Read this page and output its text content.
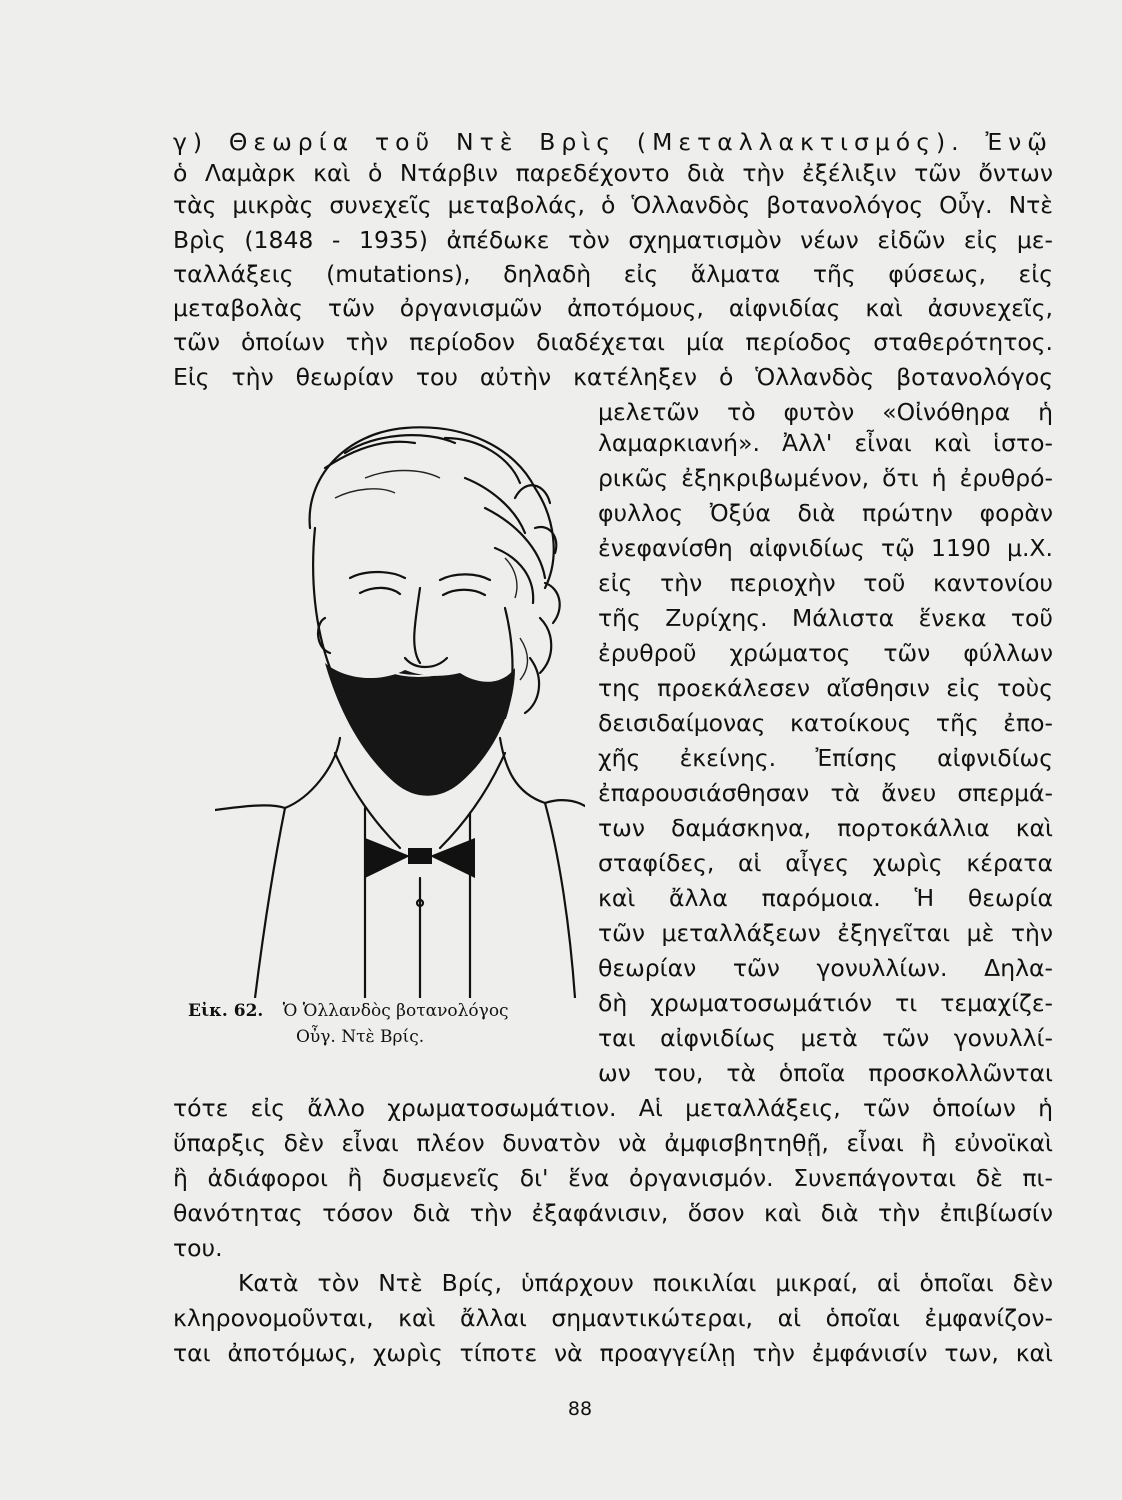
γ) Θεωρία τοῦ Ντὲ Βρὶς (Μεταλλακτισμός). Ἐνῷ
ὁ Λαμὰρκ καὶ ὁ Ντάρβιν παρεδέχοντο διὰ τὴν ἐξέλιξιν τῶν ὄντων
τὰς μικρὰς συνεχεῖς μεταβολάς, ὁ Ὁλλανδὸς βοτανολόγος Οὖγ. Ντὲ
Βρὶς (1848 - 1935) ἀπέδωκε τὸν σχηματισμὸν νέων εἰδῶν εἰς με-
ταλλάξεις (mutations), δηλαδὴ εἰς ἅλματα τῆς φύσεως, εἰς
μεταβολὰς τῶν ὀργανισμῶν ἀποτόμους, αἰφνιδίας καὶ ἀσυνεχεῖς,
τῶν ὁποίων τὴν περίοδον διαδέχεται μία περίοδος σταθερότητος.
Εἰς τὴν θεωρίαν του αὐτὴν κατέληξεν ὁ Ὁλλανδὸς βοτανολόγος
μελετῶν τὸ φυτὸν «Οἰνόθηρα ἡ
λαμαρκιανή». Ἀλλ' εἶναι καὶ ἱστο-
ρικῶς ἐξηκριβωμένον, ὅτι ἡ ἐρυθρό-
φυλλος Ὀξύα διὰ πρώτην φορὰν
ἐνεφανίσθη αἰφνιδίως τῷ 1190 μ.Χ.
εἰς τὴν περιοχὴν τοῦ καντονίου
τῆς Ζυρίχης. Μάλιστα ἕνεκα τοῦ
ἐρυθροῦ χρώματος τῶν φύλλων
της προεκάλεσεν αἴσθησιν εἰς τοὺς
δεισιδαίμονας κατοίκους τῆς ἐπο-
χῆς ἐκείνης. Ἐπίσης αἰφνιδίως
ἐπαρουσιάσθησαν τὰ ἄνευ σπερμά-
των δαμάσκηνα, πορτοκάλλια καὶ
σταφίδες, αἱ αἶγες χωρὶς κέρατα
καὶ ἄλλα παρόμοια. Ἡ θεωρία
τῶν μεταλλάξεων ἐξηγεῖται μὲ τὴν
θεωρίαν τῶν γονυλλίων. Δηλα-
δὴ χρωματοσωμάτιόν τι τεμαχίζε-
ται αἰφνιδίως μετὰ τῶν γονυλλί-
ων του, τὰ ὁποῖα προσκολλῶνται
Εἰκ. 62. Ὁ Ὁλλανδὸς βοτανολόγος
Οὖγ. Ντὲ Βρίς.
τότε εἰς ἄλλο χρωματοσωμάτιον. Αἱ μεταλλάξεις, τῶν ὁποίων ἡ
ὕπαρξις δὲν εἶναι πλέον δυνατὸν νὰ ἀμφισβητηθῇ, εἶναι ἢ εὐνοϊκαὶ
ἢ ἀδιάφοροι ἢ δυσμενεῖς δι' ἕνα ὀργανισμόν. Συνεπάγονται δὲ πι-
θανότητας τόσον διὰ τὴν ἐξαφάνισιν, ὅσον καὶ διὰ τὴν ἐπιβίωσίν
του.
Κατὰ τὸν Ντὲ Βρίς, ὑπάρχουν ποικιλίαι μικραί, αἱ ὁποῖαι δὲν
κληρονομοῦνται, καὶ ἄλλαι σημαντικώτεραι, αἱ ὁποῖαι ἐμφανίζον-
ται ἀποτόμως, χωρὶς τίποτε νὰ προαγγείλῃ τὴν ἐμφάνισίν των, καὶ
88
